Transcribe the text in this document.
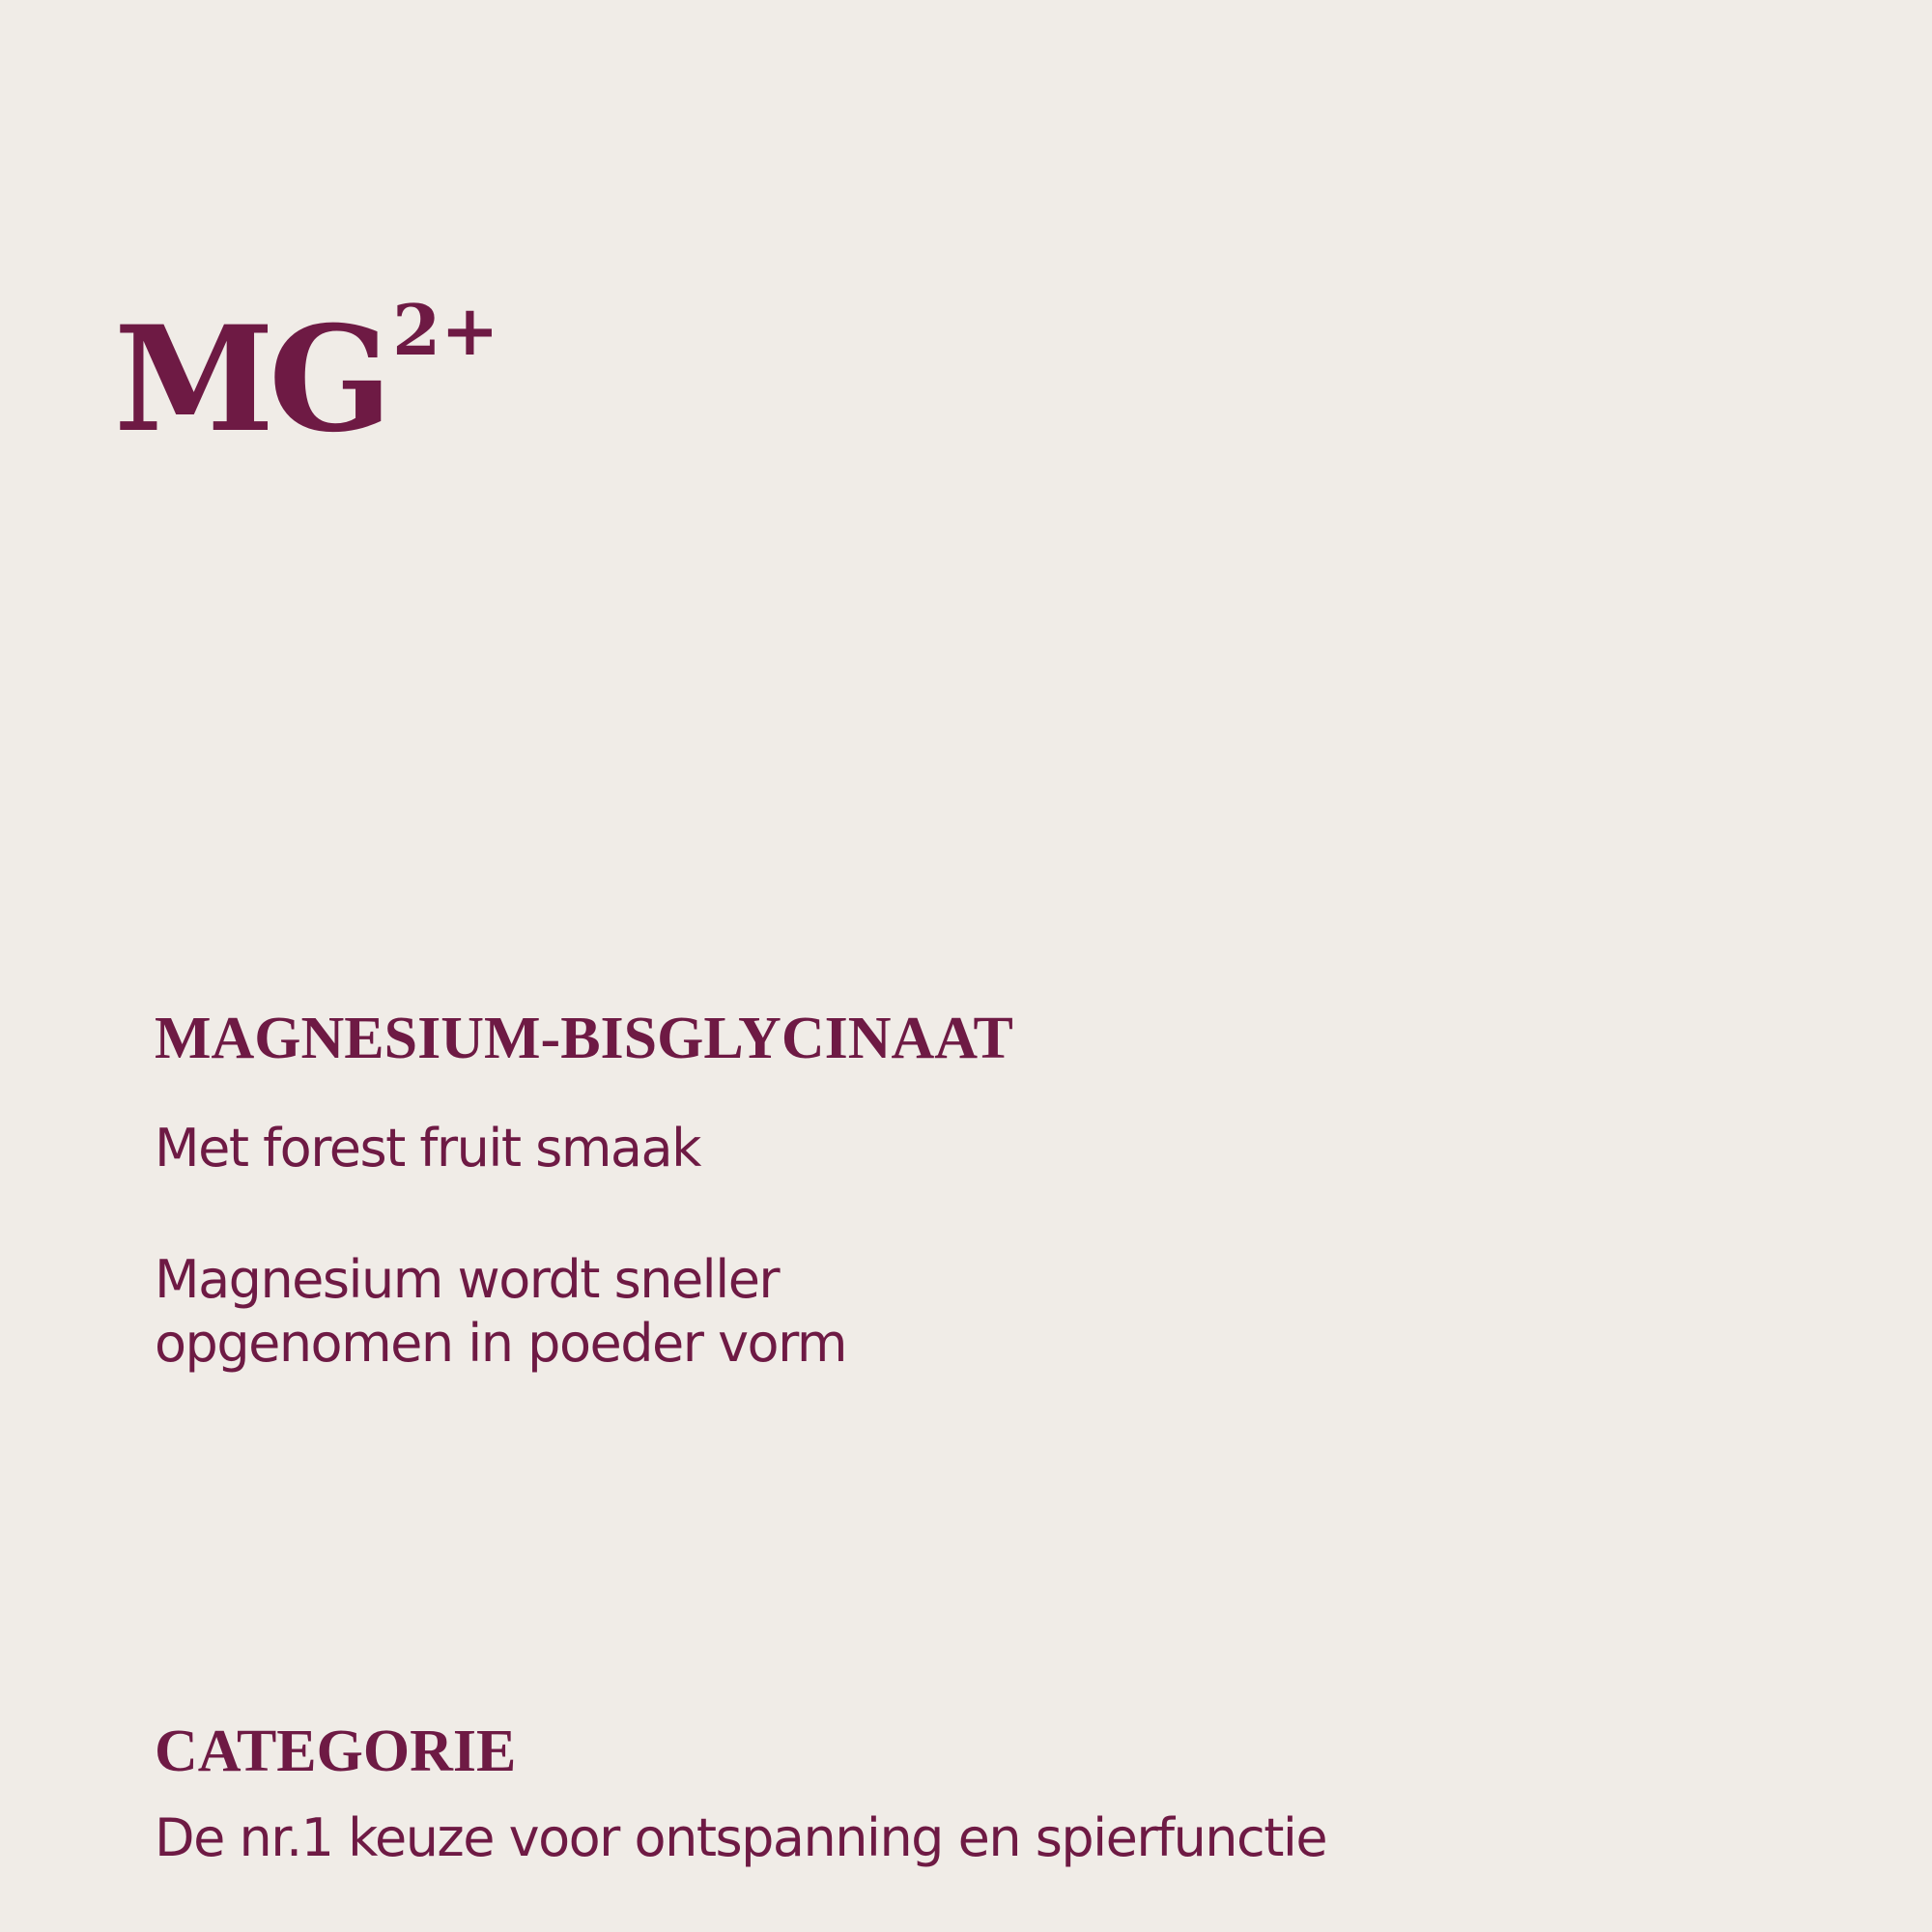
$MG^{2+}$
MAGNESIUM-BISGLYCINAAT
Met forest fruit smaak
Magnesium wordt sneller
opgenomen in poeder vorm
CATEGORIE
De nr.1 keuze voor ontspanning en spierfunctie
